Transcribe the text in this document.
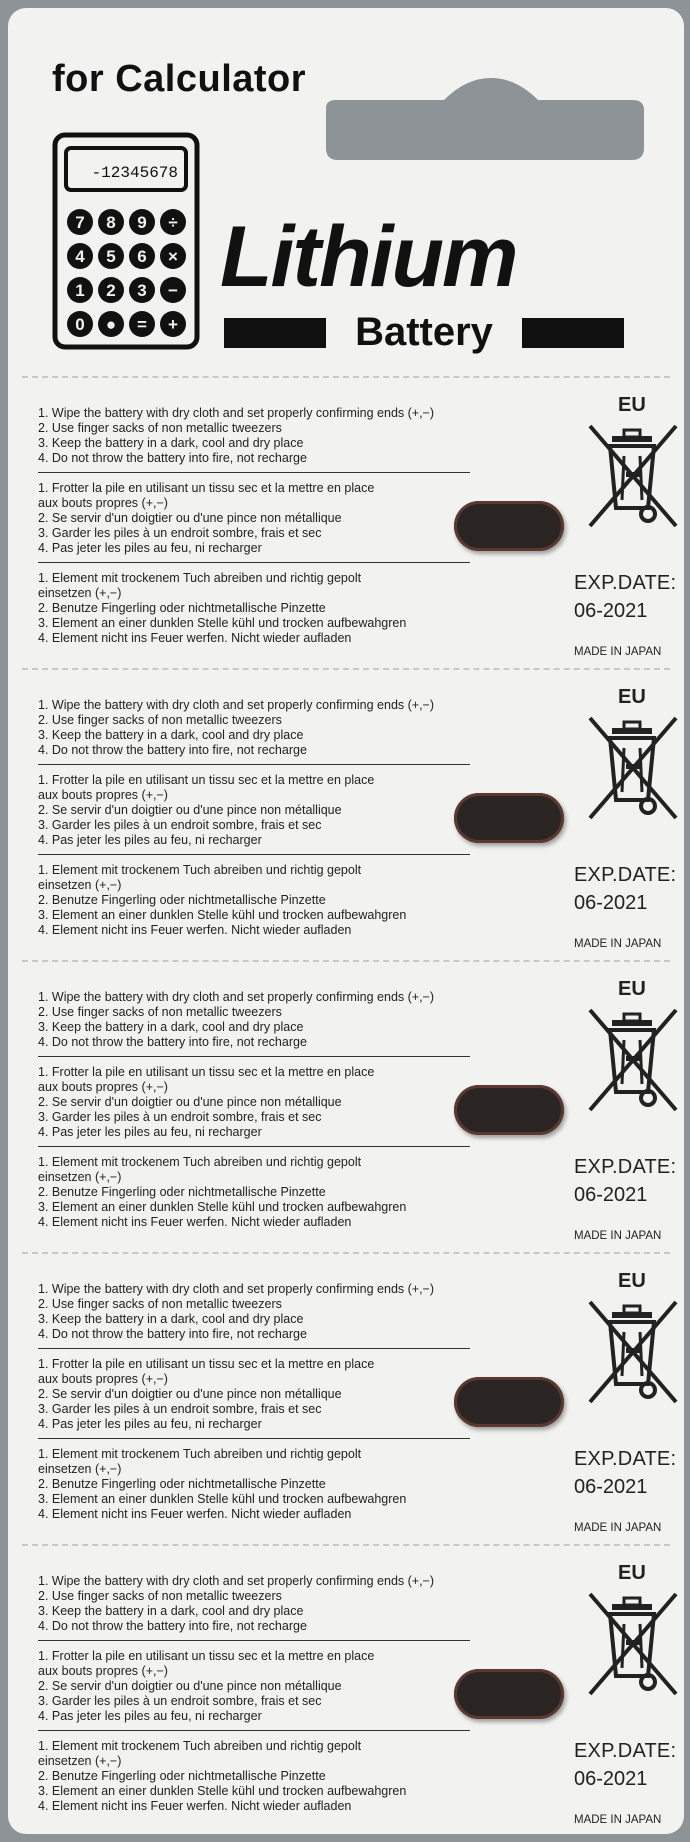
for Calculator
-12345678
7 8 9 ÷
4 5 6 ×
1 2 3 −
0 ● = +
Lithium
Battery
1. Wipe the battery with dry cloth and set properly confirming ends (+,−)
2. Use finger sacks of non metallic tweezers
3. Keep the battery in a dark, cool and dry place
4. Do not throw the battery into fire, not recharge
1. Frotter la pile en utilisant un tissu sec et la mettre en place
aux bouts propres (+,−)
2. Se servir d'un doigtier ou d'une pince non métallique
3. Garder les piles à un endroit sombre, frais et sec
4. Pas jeter les piles au feu, ni recharger
1. Element mit trockenem Tuch abreiben und richtig gepolt
einsetzen (+,−)
2. Benutze Fingerling oder nichtmetallische Pinzette
3. Element an einer dunklen Stelle kühl und trocken aufbewahgren
4. Element nicht ins Feuer werfen. Nicht wieder aufladen
EU
EXP.DATE:
06-2021
MADE IN JAPAN
1. Wipe the battery with dry cloth and set properly confirming ends (+,−)
2. Use finger sacks of non metallic tweezers
3. Keep the battery in a dark, cool and dry place
4. Do not throw the battery into fire, not recharge
1. Frotter la pile en utilisant un tissu sec et la mettre en place
aux bouts propres (+,−)
2. Se servir d'un doigtier ou d'une pince non métallique
3. Garder les piles à un endroit sombre, frais et sec
4. Pas jeter les piles au feu, ni recharger
1. Element mit trockenem Tuch abreiben und richtig gepolt
einsetzen (+,−)
2. Benutze Fingerling oder nichtmetallische Pinzette
3. Element an einer dunklen Stelle kühl und trocken aufbewahgren
4. Element nicht ins Feuer werfen. Nicht wieder aufladen
EU
EXP.DATE:
06-2021
MADE IN JAPAN
1. Wipe the battery with dry cloth and set properly confirming ends (+,−)
2. Use finger sacks of non metallic tweezers
3. Keep the battery in a dark, cool and dry place
4. Do not throw the battery into fire, not recharge
1. Frotter la pile en utilisant un tissu sec et la mettre en place
aux bouts propres (+,−)
2. Se servir d'un doigtier ou d'une pince non métallique
3. Garder les piles à un endroit sombre, frais et sec
4. Pas jeter les piles au feu, ni recharger
1. Element mit trockenem Tuch abreiben und richtig gepolt
einsetzen (+,−)
2. Benutze Fingerling oder nichtmetallische Pinzette
3. Element an einer dunklen Stelle kühl und trocken aufbewahgren
4. Element nicht ins Feuer werfen. Nicht wieder aufladen
EU
EXP.DATE:
06-2021
MADE IN JAPAN
1. Wipe the battery with dry cloth and set properly confirming ends (+,−)
2. Use finger sacks of non metallic tweezers
3. Keep the battery in a dark, cool and dry place
4. Do not throw the battery into fire, not recharge
1. Frotter la pile en utilisant un tissu sec et la mettre en place
aux bouts propres (+,−)
2. Se servir d'un doigtier ou d'une pince non métallique
3. Garder les piles à un endroit sombre, frais et sec
4. Pas jeter les piles au feu, ni recharger
1. Element mit trockenem Tuch abreiben und richtig gepolt
einsetzen (+,−)
2. Benutze Fingerling oder nichtmetallische Pinzette
3. Element an einer dunklen Stelle kühl und trocken aufbewahgren
4. Element nicht ins Feuer werfen. Nicht wieder aufladen
EU
EXP.DATE:
06-2021
MADE IN JAPAN
1. Wipe the battery with dry cloth and set properly confirming ends (+,−)
2. Use finger sacks of non metallic tweezers
3. Keep the battery in a dark, cool and dry place
4. Do not throw the battery into fire, not recharge
1. Frotter la pile en utilisant un tissu sec et la mettre en place
aux bouts propres (+,−)
2. Se servir d'un doigtier ou d'une pince non métallique
3. Garder les piles à un endroit sombre, frais et sec
4. Pas jeter les piles au feu, ni recharger
1. Element mit trockenem Tuch abreiben und richtig gepolt
einsetzen (+,−)
2. Benutze Fingerling oder nichtmetallische Pinzette
3. Element an einer dunklen Stelle kühl und trocken aufbewahgren
4. Element nicht ins Feuer werfen. Nicht wieder aufladen
EU
EXP.DATE:
06-2021
MADE IN JAPAN
